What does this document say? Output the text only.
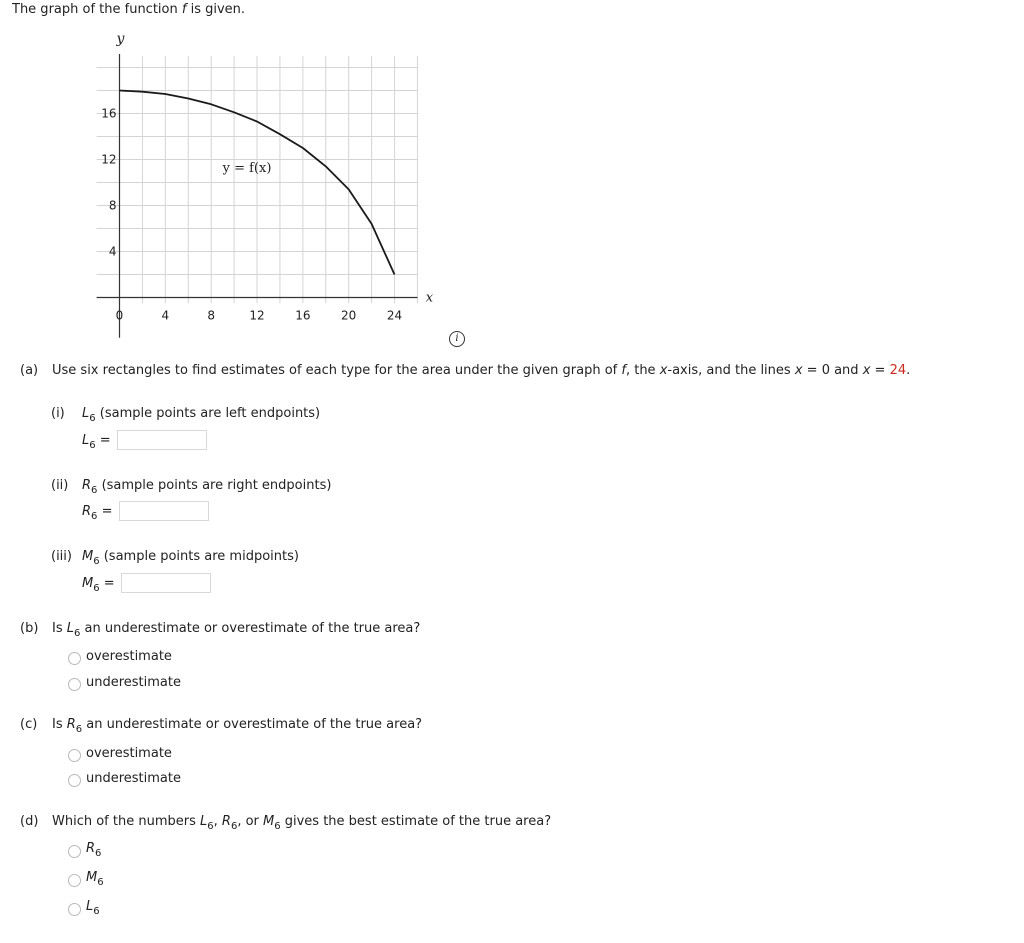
The graph of the function f is given.
0	4	8	12	16	20	24
4
8
12
16
y
x
y = f(x)
i
(a) Use six rectangles to find estimates of each type for the area under the given graph of f, the x-axis, and the lines x = 0 and x = 24.
(i) $L_6$ (sample points are left endpoints)
$L_6$ =
(ii) $R_6$ (sample points are right endpoints)
$R_6$ =
(iii) $M_6$ (sample points are midpoints)
$M_6$ =
(b) Is $L_6$ an underestimate or overestimate of the true area?
overestimate
underestimate
(c) Is $R_6$ an underestimate or overestimate of the true area?
overestimate
underestimate
(d) Which of the numbers $L_6$, $R_6$, or $M_6$ gives the best estimate of the true area?
$R_6$
$M_6$
$L_6$
